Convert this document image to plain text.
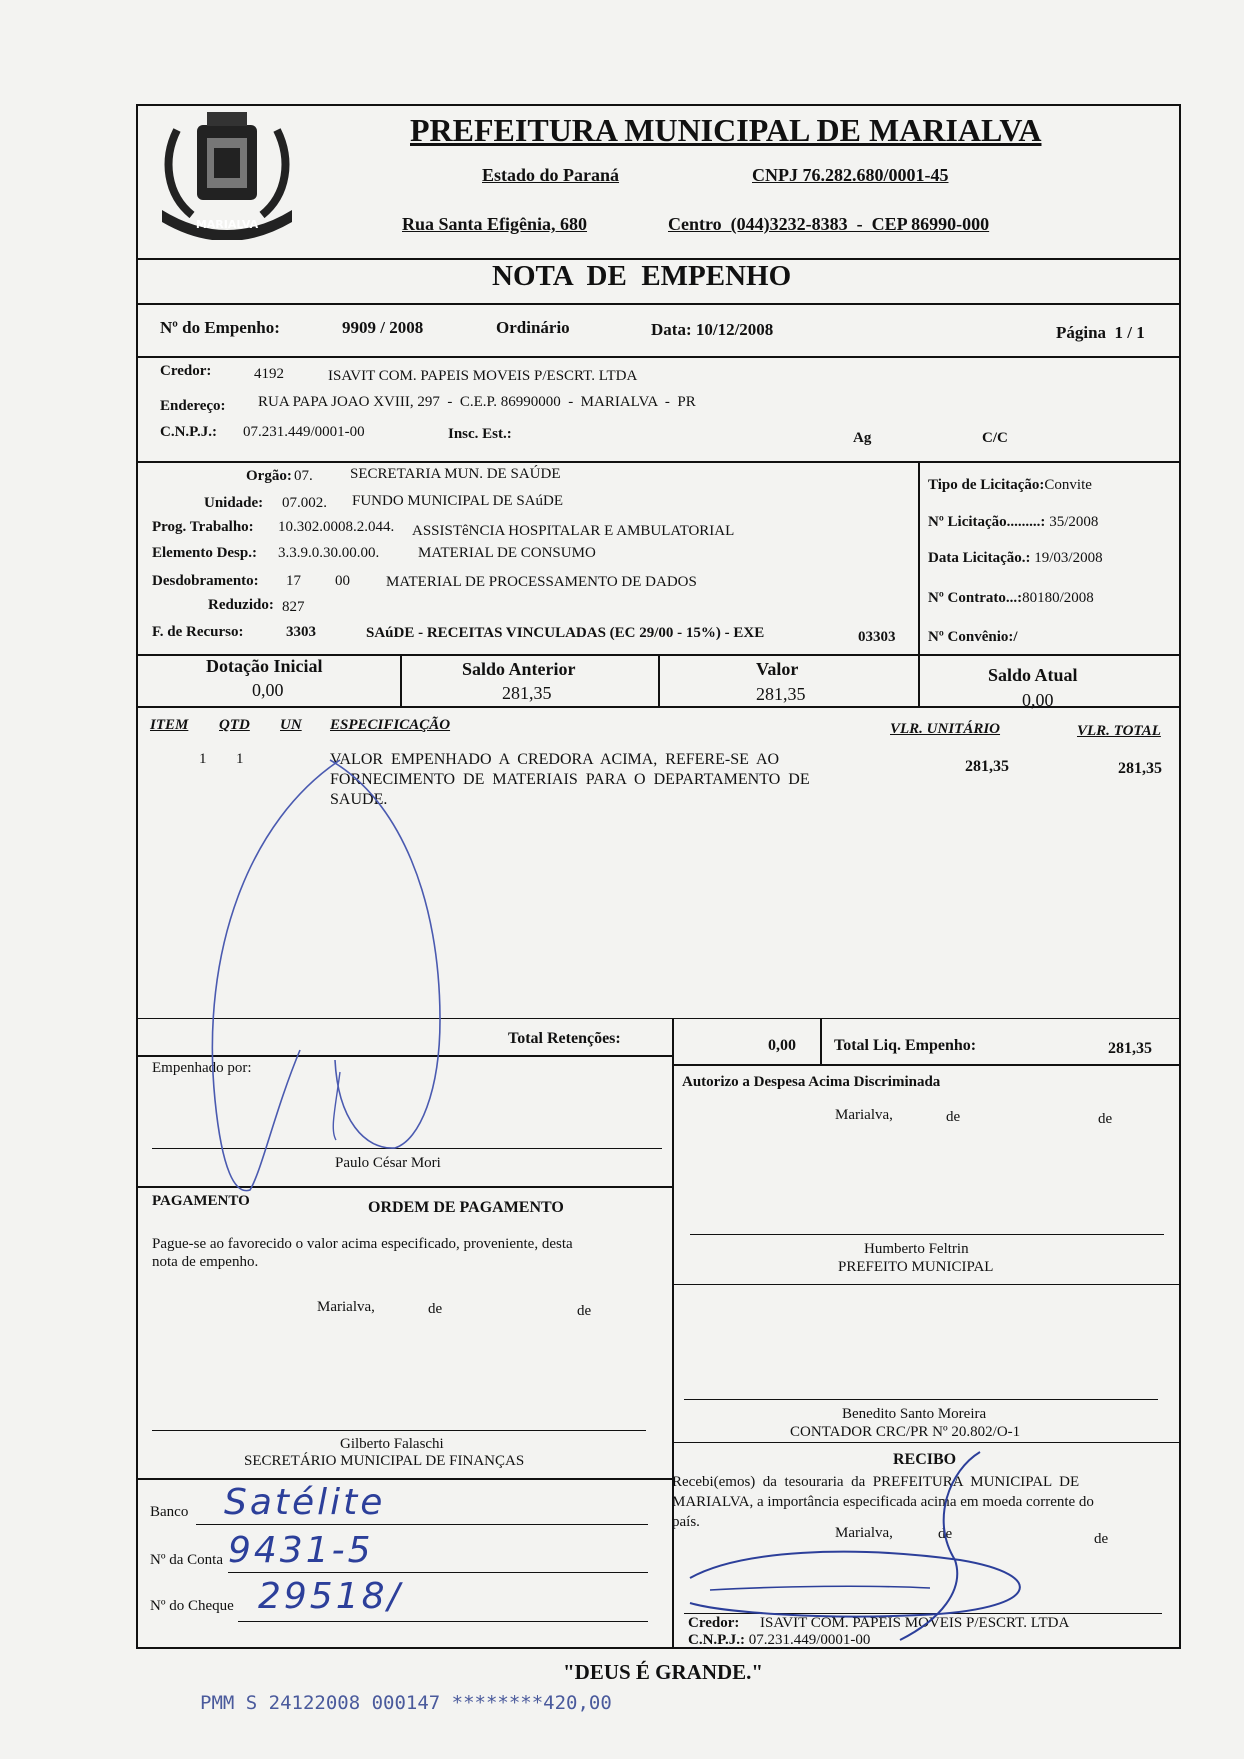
MARIALVA
PREFEITURA MUNICIPAL DE MARIALVA
Estado do Paraná	CNPJ 76.282.680/0001-45
Rua Santa Efigênia, 680	Centro  (044)3232-8383  -  CEP 86990-000
NOTA  DE  EMPENHO
Nº do Empenho:	9909 / 2008	Ordinário	Data: 10/12/2008	Página  1 / 1
Credor:	4192	ISAVIT COM. PAPEIS MOVEIS P/ESCRT. LTDA
Endereço: RUA PAPA JOAO XVIII, 297  -  C.E.P. 86990000  -  MARIALVA  -  PR
C.N.P.J.: 07.231.449/0001-00	Insc. Est.:	Ag	C/C
Orgão: 07. SECRETARIA MUN. DE SAÚDE
Unidade: 07.002. FUNDO MUNICIPAL DE SAúDE
Prog. Trabalho: 10.302.0008.2.044. ASSISTêNCIA HOSPITALAR E AMBULATORIAL
Elemento Desp.: 3.3.9.0.30.00.00.	MATERIAL DE CONSUMO
Desdobramento: 17 00 MATERIAL DE PROCESSAMENTO DE DADOS
Reduzido: 827
F. de Recurso:	3303	SAúDE - RECEITAS VINCULADAS (EC 29/00 - 15%) - EXE	03303
Tipo de Licitação:Convite
Nº Licitação.........: 35/2008
Data Licitação.: 19/03/2008
Nº Contrato...:80180/2008
Nº Convênio:/
Dotação Inicial
0,00
Saldo Anterior
281,35
Valor
281,35
Saldo Atual
0,00
ITEM QTD UN ESPECIFICAÇÃO	VLR. UNITÁRIO	VLR. TOTAL
1 1	VALOR  EMPENHADO  A  CREDORA  ACIMA,  REFERE-SE  AO
FORNECIMENTO  DE  MATERIAIS  PARA  O  DEPARTAMENTO  DE
SAUDE.
281,35	281,35
Total Retenções:	0,00 Total Liq. Empenho:	281,35
Empenhado por:
Paulo César Mori
Autorizo a Despesa Acima Discriminada
Marialva,	de	de
Humberto Feltrin
PREFEITO MUNICIPAL
PAGAMENTO	ORDEM DE PAGAMENTO
Pague-se ao favorecido o valor acima especificado, proveniente, desta
nota de empenho.
Marialva,	de	de
Gilberto Falaschi
SECRETÁRIO MUNICIPAL DE FINANÇAS
Benedito Santo Moreira
CONTADOR CRC/PR Nº 20.802/O-1
Banco Satélite
Nº da Conta 9431-5
Nº do Cheque 29518/
RECIBO
Recebi(emos)  da  tesouraria  da  PREFEITURA  MUNICIPAL  DE
MARIALVA, a importância especificada acima em moeda corrente do
país.
Marialva,	de	de
Credor: ISAVIT COM. PAPEIS MOVEIS P/ESCRT. LTDA
C.N.P.J.: 07.231.449/0001-00
"DEUS É GRANDE."
PMM S 24122008 000147 ********420,00
